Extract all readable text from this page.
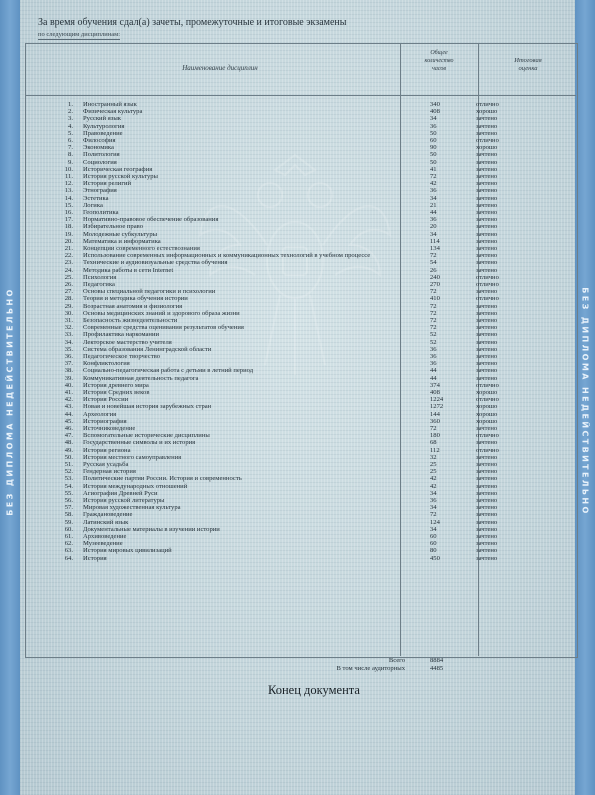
БЕЗ ДИПЛОМА НЕДЕЙСТВИТЕЛЬНО	БЕЗ ДИПЛОМА НЕДЕЙСТВИТЕЛЬНО
За время обучения сдал(а) зачеты, промежуточные и итоговые экзамены
по следующим дисциплинам:
Наименование дисциплин
Общее
количество
часов
Итоговая
оценка
1. Иностранный язык	340	отлично
2. Физическая культура	408	хорошо
3. Русский язык	34	зачтено
4. Культурология	36	зачтено
5. Правоведение	50	зачтено
6. Философия	60	отлично
7. Экономика	90	хорошо
8. Политология	50	зачтено
9. Социология	50	зачтено
10. Историческая география	41	зачтено
11. История русской культуры	72	зачтено
12. История религий	42	зачтено
13. Этнография	36	зачтено
14. Эстетика	34	зачтено
15. Логика	21	зачтено
16. Геополитика	44	зачтено
17. Нормативно-правовое обеспечение образования	36	зачтено
18. Избирательное право	20	зачтено
19. Молодежные субкультуры	34	зачтено
20. Математика и информатика	114	зачтено
21. Концепции современного естествознания	134	зачтено
22. Использование современных информационных и коммуникационных технологий в учебном процессе	72	зачтено
23. Технические и аудиовизуальные средства обучения	54	зачтено
24. Методика работы в сети Internet	26	зачтено
25. Психология	240	отлично
26. Педагогика	270	отлично
27. Основы специальной педагогики и психологии	72	зачтено
28. Теория и методика обучения истории	410	отлично
29. Возрастная анатомия и физиология	72	зачтено
30. Основы медицинских знаний и здорового образа жизни	72	зачтено
31. Безопасность жизнедеятельности	72	зачтено
32. Современные средства оценивания результатов обучения	72	зачтено
33. Профилактика наркомании	52	зачтено
34. Лекторское мастерство учителя	52	зачтено
35. Система образования Ленинградской области	36	зачтено
36. Педагогическое творчество	36	зачтено
37. Конфликтология	36	зачтено
38. Социально-педагогическая работа с детьми в летний период	44	зачтено
39. Коммуникативная деятельность педагога	44	зачтено
40. История древнего мира	374	отлично
41. История Средних веков	408	хорошо
42. История России	1224	отлично
43. Новая и новейшая история зарубежных стран	1272	хорошо
44. Археология	144	хорошо
45. Историография	360	хорошо
46. Источниковедение	72	зачтено
47. Вспомогательные исторические дисциплины	180	отлично
48. Государственные символы и их история	68	зачтено
49. История региона	112	отлично
50. История местного самоуправления	32	зачтено
51. Русская усадьба	25	зачтено
52. Гендерная история	25	зачтено
53. Политические партии России. История и современность	42	зачтено
54. История международных отношений	42	зачтено
55. Агиография Древней Руси	34	зачтено
56. История русской литературы	36	зачтено
57. Мировая художественная культура	34	зачтено
58. Граждановедение	72	зачтено
59. Латинский язык	124	зачтено
60. Документальные материалы в изучении истории	34	зачтено
61. Архивоведение	60	зачтено
62. Музееведение	60	зачтено
63. История мировых цивилизаций	80	зачтено
64. История	450	зачтено
Всего	8884
В том числе аудиторных	4485
Конец документа
